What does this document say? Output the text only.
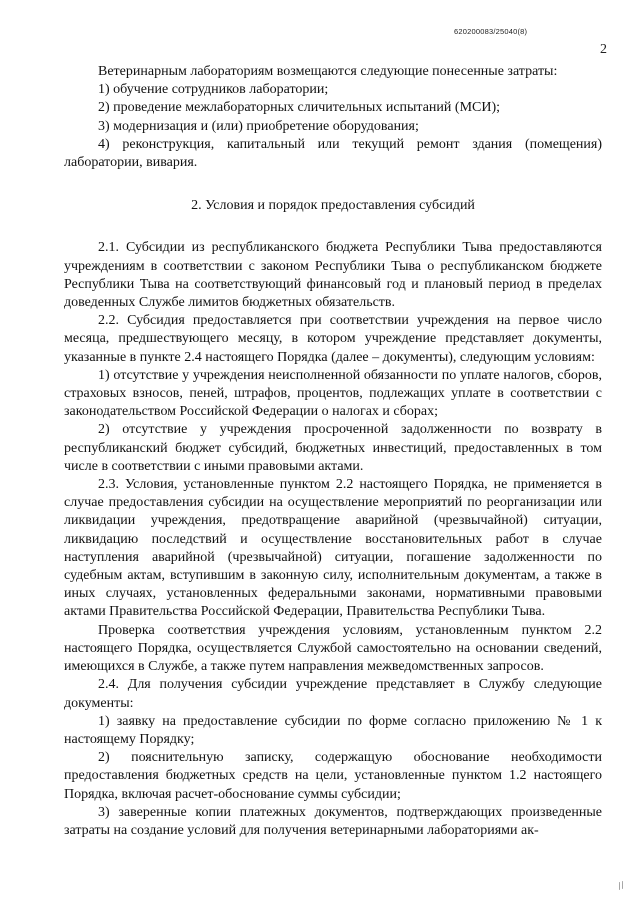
620200083/25040(8)
2

Ветеринарным лабораториям возмещаются следующие понесенные затраты:

1) обучение сотрудников лаборатории;

2) проведение межлабораторных сличительных испытаний (МСИ);

3) модернизация и (или) приобретение оборудования;

4) реконструкция, капитальный или текущий ремонт здания (помещения) лаборатории, вивария.

2. Условия и порядок предоставления субсидий

2.1. Субсидии из республиканского бюджета Республики Тыва предоставляются учреждениям в соответствии с законом Республики Тыва о республиканском бюджете Республики Тыва на соответствующий финансовый год и плановый период в пределах доведенных Службе лимитов бюджетных обязательств.

2.2. Субсидия предоставляется при соответствии учреждения на первое число месяца, предшествующего месяцу, в котором учреждение представляет документы, указанные в пункте 2.4 настоящего Порядка (далее – документы), следующим условиям:

1) отсутствие у учреждения неисполненной обязанности по уплате налогов, сборов, страховых взносов, пеней, штрафов, процентов, подлежащих уплате в соответствии с законодательством Российской Федерации о налогах и сборах;

2) отсутствие у учреждения просроченной задолженности по возврату в республиканский бюджет субсидий, бюджетных инвестиций, предоставленных в том числе в соответствии с иными правовыми актами.

2.3. Условия, установленные пунктом 2.2 настоящего Порядка, не применяется в случае предоставления субсидии на осуществление мероприятий по реорганизации или ликвидации учреждения, предотвращение аварийной (чрезвычайной) ситуации, ликвидацию последствий и осуществление восстановительных работ в случае наступления аварийной (чрезвычайной) ситуации, погашение задолженности по судебным актам, вступившим в законную силу, исполнительным документам, а также в иных случаях, установленных федеральными законами, нормативными правовыми актами Правительства Российской Федерации, Правительства Республики Тыва.

Проверка соответствия учреждения условиям, установленным пунктом 2.2 настоящего Порядка, осуществляется Службой самостоятельно на основании сведений, имеющихся в Службе, а также путем направления межведомственных запросов.

2.4. Для получения субсидии учреждение представляет в Службу следующие документы:

1) заявку на предоставление субсидии по форме согласно приложению № 1 к настоящему Порядку;

2) пояснительную записку, содержащую обоснование необходимости предоставления бюджетных средств на цели, установленные пунктом 1.2 настоящего Порядка, включая расчет-обоснование суммы субсидии;

3) заверенные копии платежных документов, подтверждающих произведенные затраты на создание условий для получения ветеринарными лабораториями ак-

//
